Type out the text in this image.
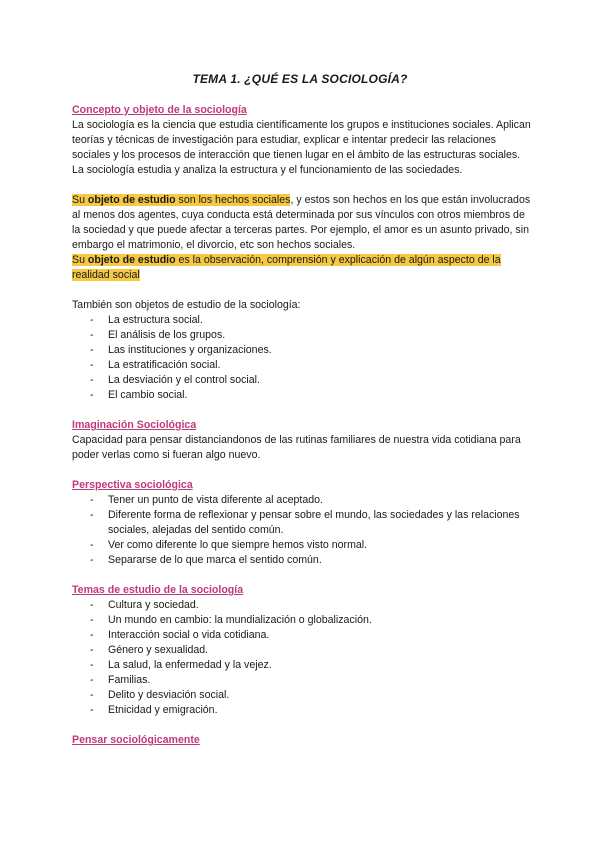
TEMA 1. ¿QUÉ ES LA SOCIOLOGÍA?
Concepto y objeto de la sociología

La sociología es la ciencia que estudia científicamente los grupos e instituciones sociales. Aplican teorías y técnicas de investigación para estudiar, explicar e intentar predecir las relaciones sociales y los procesos de interacción que tienen lugar en el ámbito de las estructuras sociales.

La sociología estudia y analiza la estructura y el funcionamiento de las sociedades.

Su objeto de estudio son los hechos sociales, y estos son hechos en los que están involucrados al menos dos agentes, cuya conducta está determinada por sus vínculos con otros miembros de la sociedad y que puede afectar a terceras partes. Por ejemplo, el amor es un asunto privado, sin embargo el matrimonio, el divorcio, etc son hechos sociales.

Su objeto de estudio es la observación, comprensión y explicación de algún aspecto de la realidad social

También son objetos de estudio de la sociología:

- La estructura social.
- El análisis de los grupos.
- Las instituciones y organizaciones.
- La estratificación social.
- La desviación y el control social.
- El cambio social.
Imaginación Sociológica

Capacidad para pensar distanciandonos de las rutinas familiares de nuestra vida cotidiana para poder verlas como si fueran algo nuevo.

Perspectiva sociológica
- Tener un punto de vista diferente al aceptado.
- Diferente forma de reflexionar y pensar sobre el mundo, las sociedades y las relaciones sociales, alejadas del sentido común.
- Ver como diferente lo que siempre hemos visto normal.
- Separarse de lo que marca el sentido común.
Temas de estudio de la sociología
- Cultura y sociedad.
- Un mundo en cambio: la mundialización o globalización.
- Interacción social o vida cotidiana.
- Género y sexualidad.
- La salud, la enfermedad y la vejez.
- Familias.
- Delito y desviación social.
- Etnicidad y emigración.
Pensar sociológicamente
